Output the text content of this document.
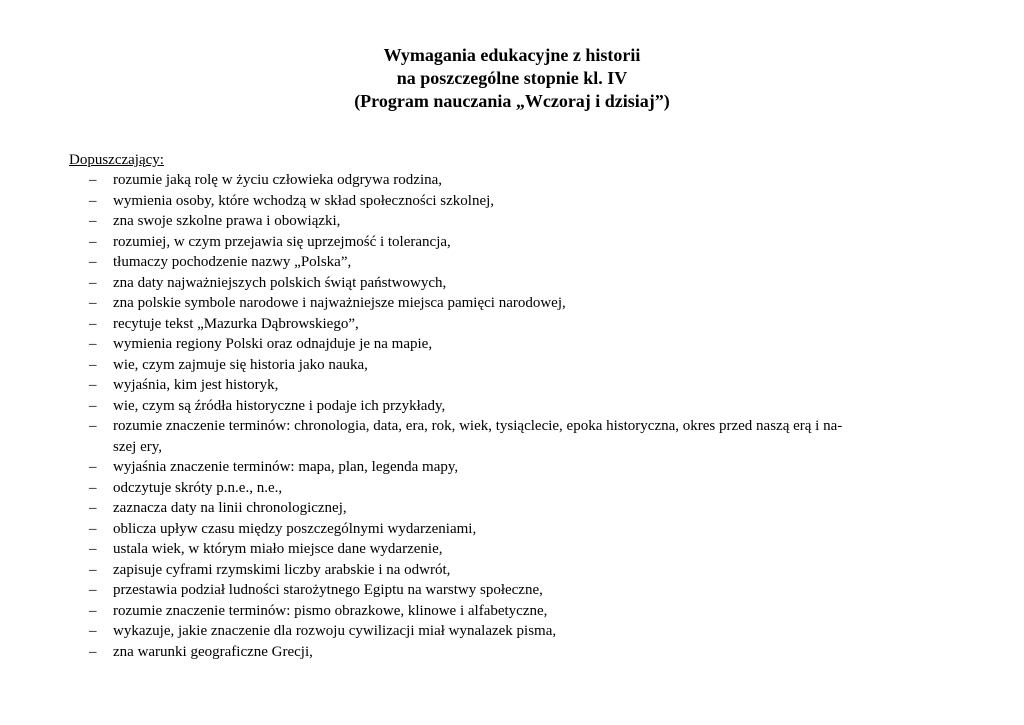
Wymagania edukacyjne z historii
na poszczególne stopnie kl. IV
(Program nauczania „Wczoraj i dzisiaj”)
Dopuszczający:
–	rozumie jaką rolę w życiu człowieka odgrywa rodzina,
–	wymienia osoby, które wchodzą w skład społeczności szkolnej,
–	zna swoje szkolne prawa i obowiązki,
–	rozumiej, w czym przejawia się uprzejmość i tolerancja,
–	tłumaczy pochodzenie nazwy „Polska”,
–	zna daty najważniejszych polskich świąt państwowych,
–	zna polskie symbole narodowe i najważniejsze miejsca pamięci narodowej,
–	recytuje tekst „Mazurka Dąbrowskiego”,
–	wymienia regiony Polski oraz odnajduje je na mapie,
–	wie, czym zajmuje się historia jako nauka,
–	wyjaśnia, kim jest historyk,
–	wie, czym są źródła historyczne i podaje ich przykłady,
–	rozumie znaczenie terminów: chronologia, data, era, rok, wiek, tysiąclecie, epoka historyczna, okres przed naszą erą i na-
szej ery,
–	wyjaśnia znaczenie terminów: mapa, plan, legenda mapy,
–	odczytuje skróty p.n.e., n.e.,
–	zaznacza daty na linii chronologicznej,
–	oblicza upływ czasu między poszczególnymi wydarzeniami,
–	ustala wiek, w którym miało miejsce dane wydarzenie,
–	zapisuje cyframi rzymskimi liczby arabskie i na odwrót,
–	przestawia podział ludności starożytnego Egiptu na warstwy społeczne,
–	rozumie znaczenie terminów: pismo obrazkowe, klinowe i alfabetyczne,
–	wykazuje, jakie znaczenie dla rozwoju cywilizacji miał wynalazek pisma,
–	zna warunki geograficzne Grecji,
